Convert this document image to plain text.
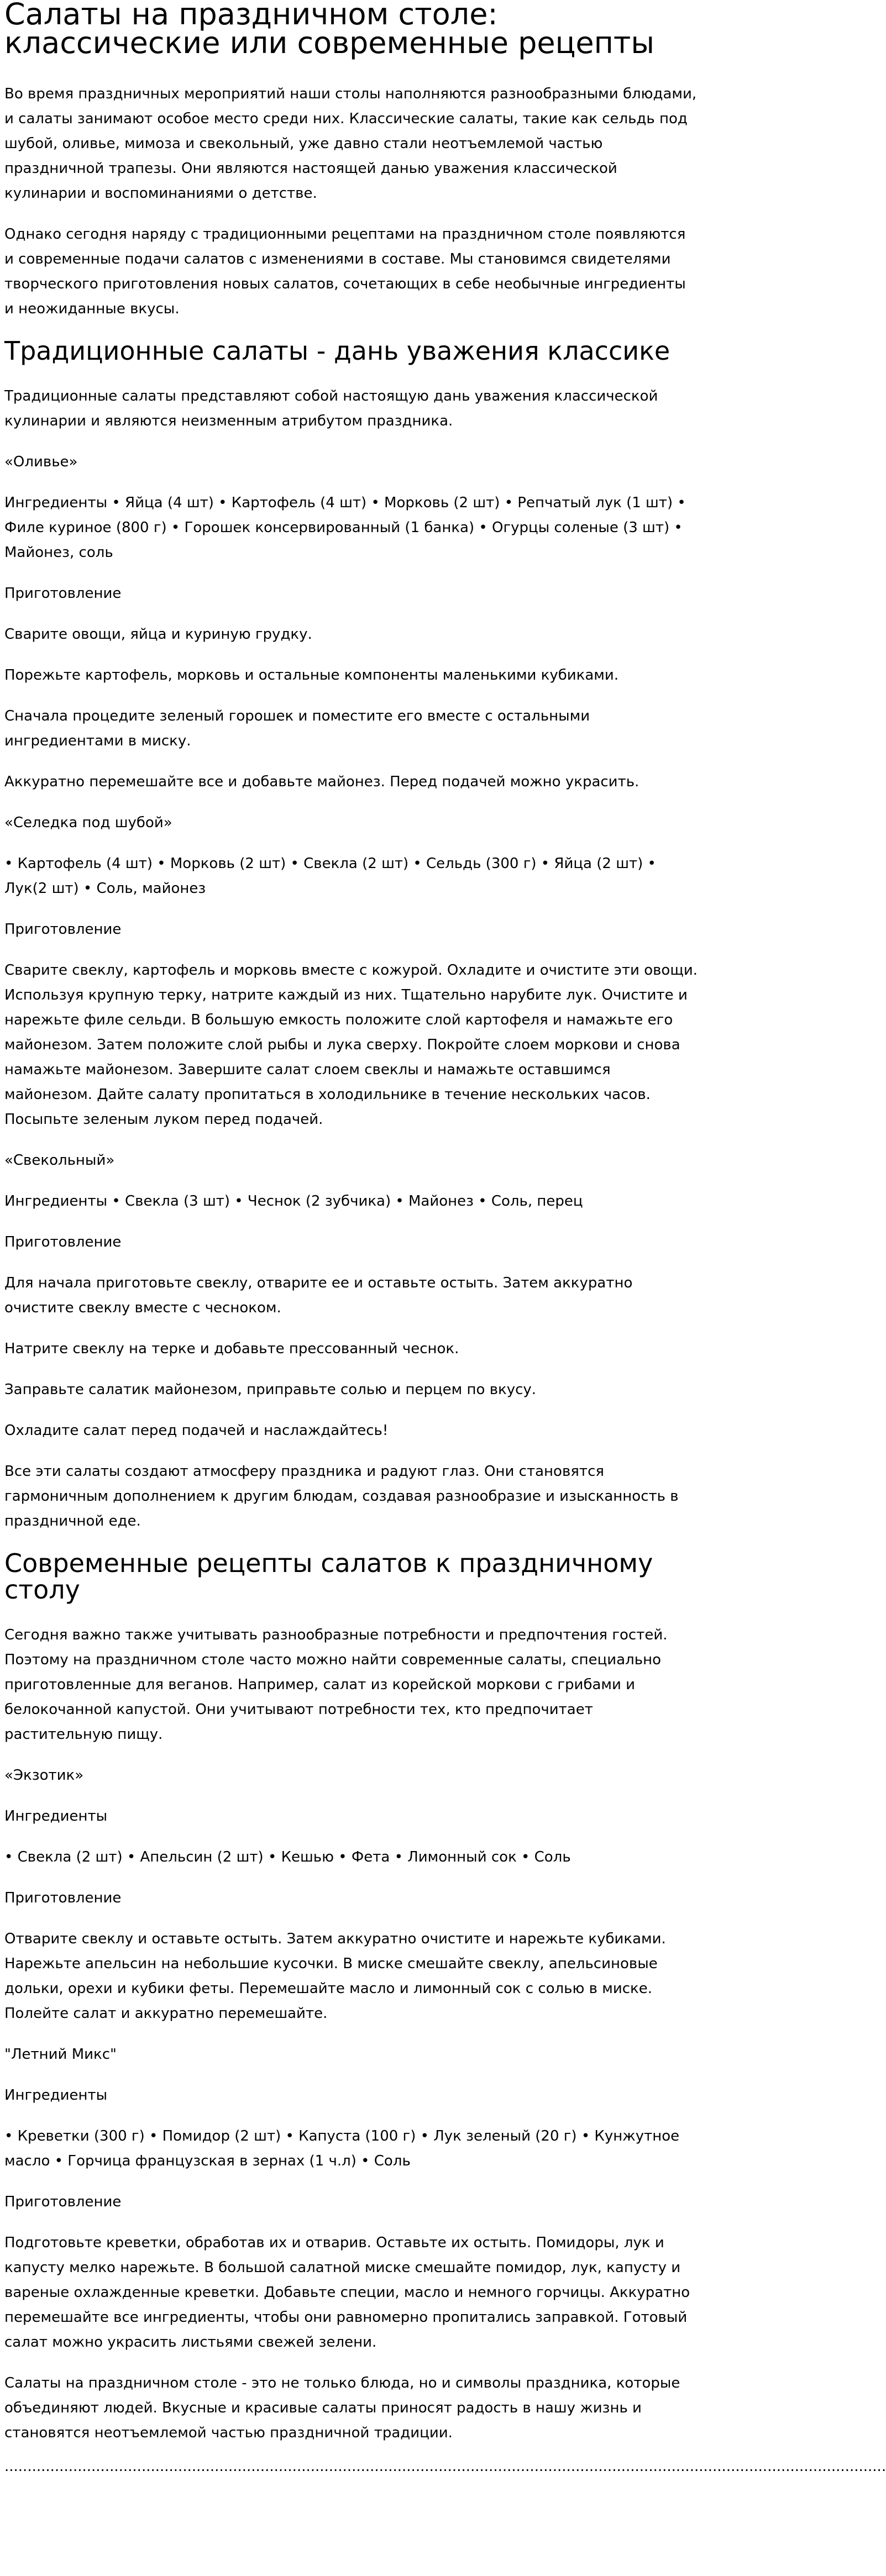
Салаты на праздничном столе: классические или современные рецепты

Во время праздничных мероприятий наши столы наполняются разнообразными блюдами, и салаты занимают особое место среди них. Классические салаты, такие как сельдь под шубой, оливье, мимоза и свекольный, уже давно стали неотъемлемой частью праздничной трапезы. Они являются настоящей данью уважения классической кулинарии и воспоминаниями о детстве.

Однако сегодня наряду с традиционными рецептами на праздничном столе появляются и современные подачи салатов с изменениями в составе. Мы становимся свидетелями творческого приготовления новых салатов, сочетающих в себе необычные ингредиенты и неожиданные вкусы.

Традиционные салаты - дань уважения классике

Традиционные салаты представляют собой настоящую дань уважения классической кулинарии и являются неизменным атрибутом праздника.

«Оливье»

Ингредиенты • Яйца (4 шт) • Картофель (4 шт) • Морковь (2 шт) • Репчатый лук (1 шт) • Филе куриное (800 г) • Горошек консервированный (1 банка) • Огурцы соленые (3 шт) • Майонез, соль

Приготовление

Сварите овощи, яйца и куриную грудку.

Порежьте картофель, морковь и остальные компоненты маленькими кубиками.

Сначала процедите зеленый горошек и поместите его вместе с остальными ингредиентами в миску.

Аккуратно перемешайте все и добавьте майонез. Перед подачей можно украсить.

«Селедка под шубой»

• Картофель (4 шт) • Морковь (2 шт) • Свекла (2 шт) • Сельдь (300 г) • Яйца (2 шт) • Лук(2 шт) • Соль, майонез

Приготовление

Сварите свеклу, картофель и морковь вместе с кожурой. Охладите и очистите эти овощи. Используя крупную терку, натрите каждый из них. Тщательно нарубите лук. Очистите и нарежьте филе сельди. В большую емкость положите слой картофеля и намажьте его майонезом. Затем положите слой рыбы и лука сверху. Покройте слоем моркови и снова намажьте майонезом. Завершите салат слоем свеклы и намажьте оставшимся майонезом. Дайте салату пропитаться в холодильнике в течение нескольких часов. Посыпьте зеленым луком перед подачей.

«Свекольный»

Ингредиенты • Свекла (3 шт) • Чеснок (2 зубчика) • Майонез • Соль, перец

Приготовление

Для начала приготовьте свеклу, отварите ее и оставьте остыть. Затем аккуратно очистите свеклу вместе с чесноком.

Натрите свеклу на терке и добавьте прессованный чеснок.

Заправьте салатик майонезом, приправьте солью и перцем по вкусу.

Охладите салат перед подачей и наслаждайтесь!

Все эти салаты создают атмосферу праздника и радуют глаз. Они становятся гармоничным дополнением к другим блюдам, создавая разнообразие и изысканность в праздничной еде.

Современные рецепты салатов к праздничному столу

Сегодня важно также учитывать разнообразные потребности и предпочтения гостей. Поэтому на праздничном столе часто можно найти современные салаты, специально приготовленные для веганов. Например, салат из корейской моркови с грибами и белокочанной капустой. Они учитывают потребности тех, кто предпочитает растительную пищу.

«Экзотик»

Ингредиенты

• Свекла (2 шт) • Апельсин (2 шт) • Кешью • Фета • Лимонный сок • Соль

Приготовление

Отварите свеклу и оставьте остыть. Затем аккуратно очистите и нарежьте кубиками. Нарежьте апельсин на небольшие кусочки. В миске смешайте свеклу, апельсиновые дольки, орехи и кубики феты. Перемешайте масло и лимонный сок с солью в миске. Полейте салат и аккуратно перемешайте.

"Летний Микс"

Ингредиенты

• Креветки (300 г) • Помидор (2 шт) • Капуста (100 г) • Лук зеленый (20 г) • Кунжутное масло • Горчица французская в зернах (1 ч.л) • Соль

Приготовление

Подготовьте креветки, обработав их и отварив. Оставьте их остыть. Помидоры, лук и капусту мелко нарежьте. В большой салатной миске смешайте помидор, лук, капусту и вареные охлажденные креветки. Добавьте специи, масло и немного горчицы. Аккуратно перемешайте все ингредиенты, чтобы они равномерно пропитались заправкой. Готовый салат можно украсить листьями свежей зелени.

Салаты на праздничном столе - это не только блюда, но и символы праздника, которые объединяют людей. Вкусные и красивые салаты приносят радость в нашу жизнь и становятся неотъемлемой частью праздничной традиции.

.................................................................................................................................................................................................
